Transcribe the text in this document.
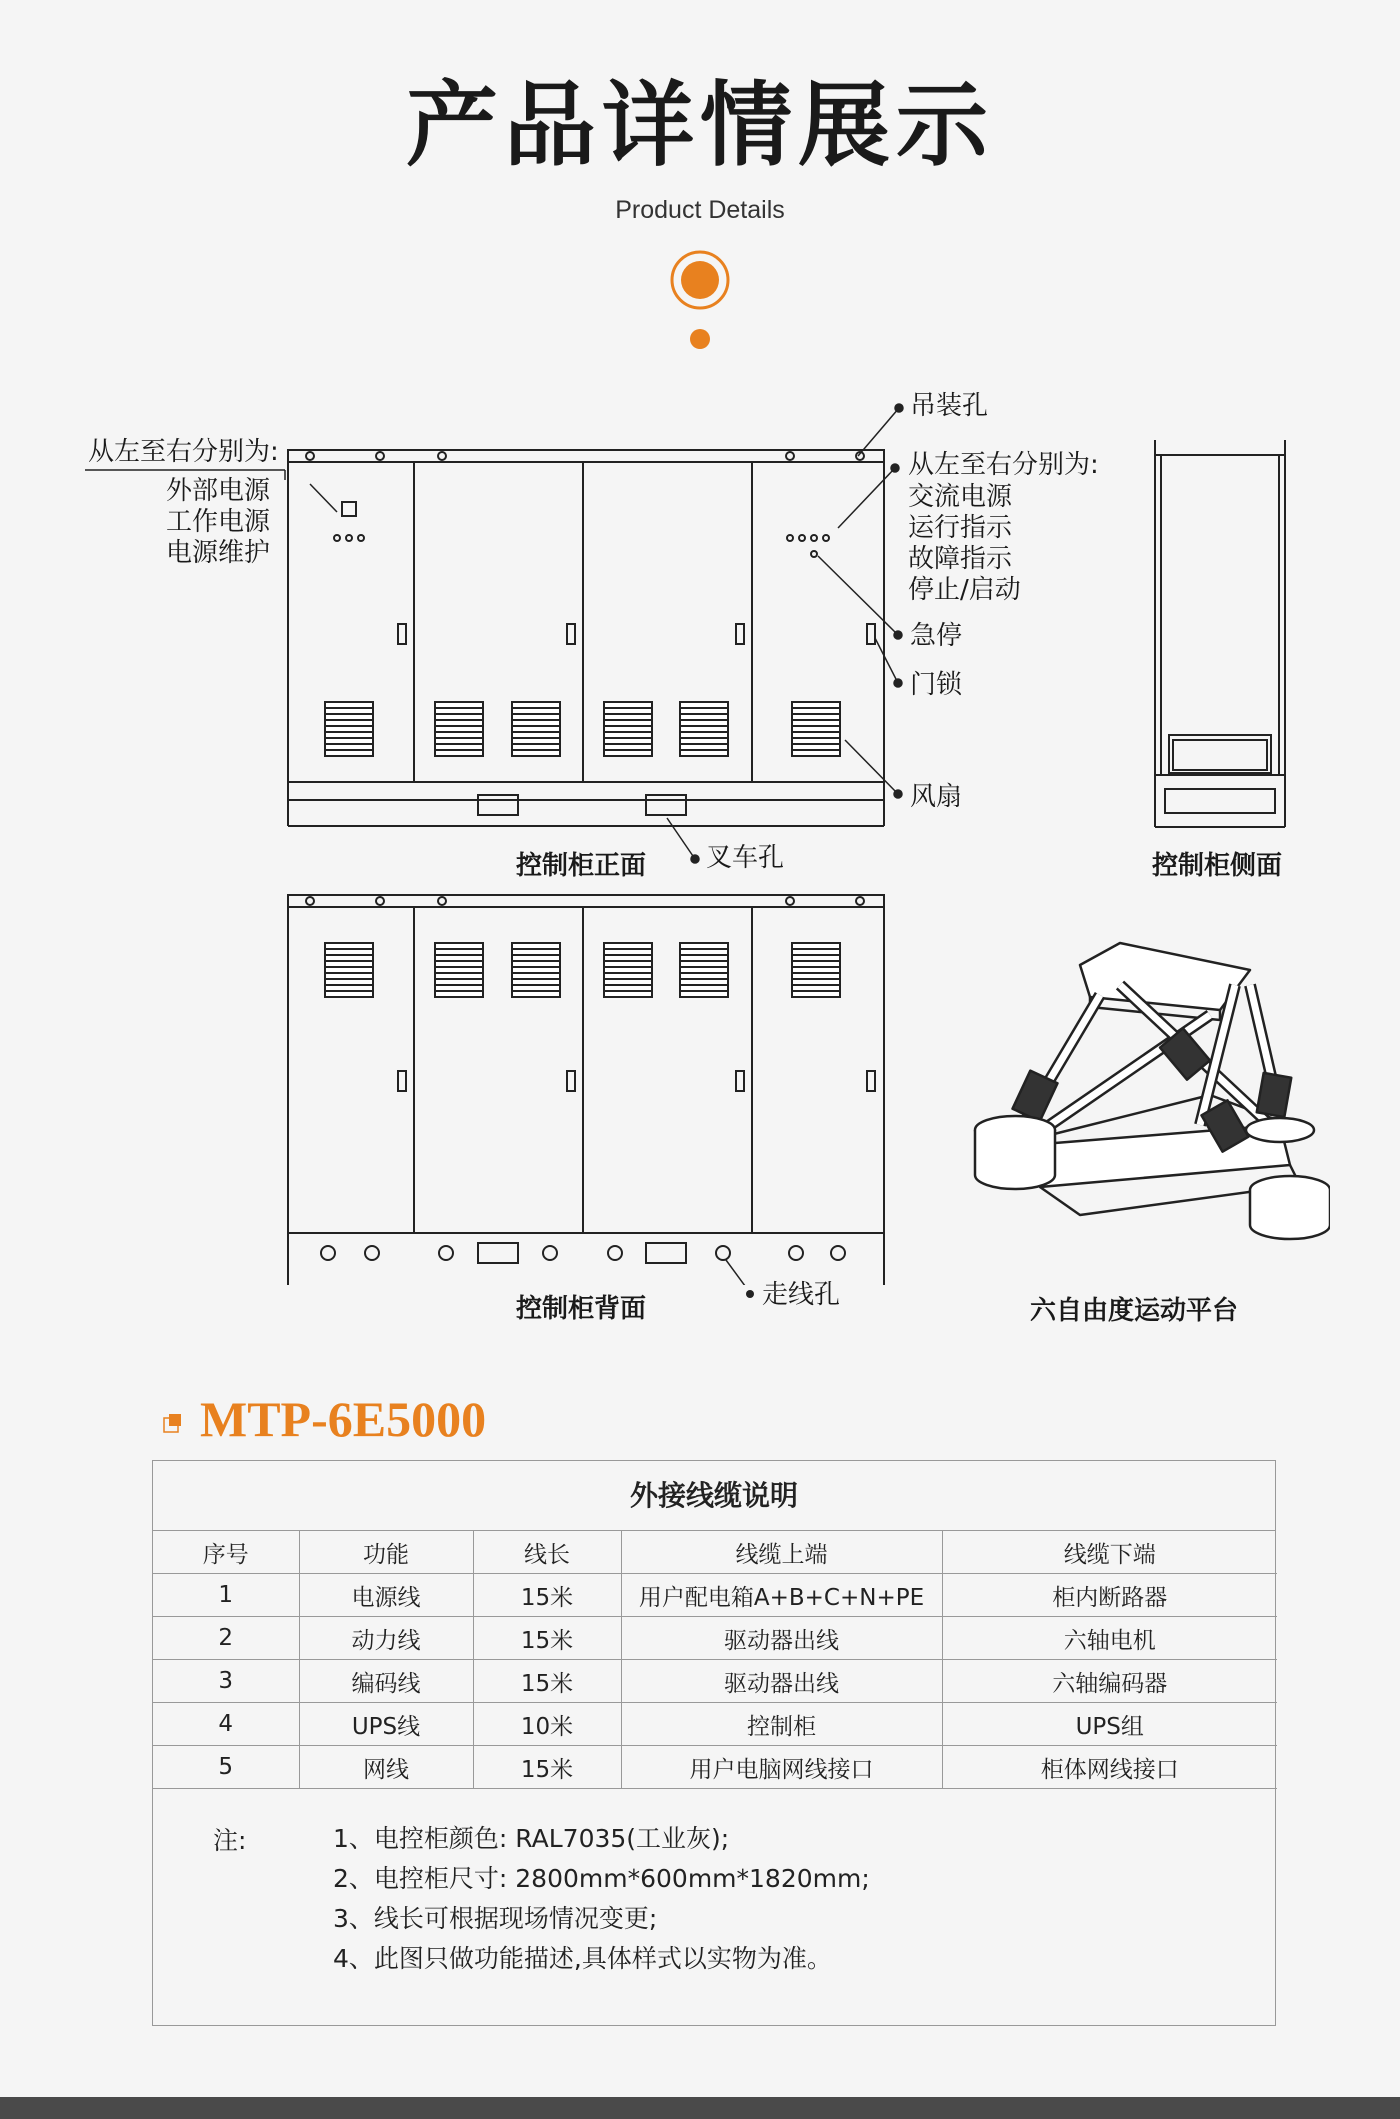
产品详情展示
Product Details
从左至右分别为:
外部电源
工作电源
电源维护
吊装孔
从左至右分别为:
交流电源
运行指示
故障指示
停止/启动
急停
门锁
风扇
叉车孔
控制柜正面	控制柜侧面
走线孔
控制柜背面	六自由度运动平台
MTP-6E5000
外接线缆说明
序号	功能	线长	线缆上端	线缆下端
1	电源线	15米	用户配电箱A+B+C+N+PE	柜内断路器
2	动力线	15米	驱动器出线	六轴电机
3	编码线	15米	驱动器出线	六轴编码器
4	UPS线	10米	控制柜	UPS组
5	网线	15米	用户电脑网线接口	柜体网线接口
注:	1、电控柜颜色: RAL7035(工业灰);
2、电控柜尺寸: 2800mm*600mm*1820mm;
3、线长可根据现场情况变更;
4、此图只做功能描述,具体样式以实物为准。
